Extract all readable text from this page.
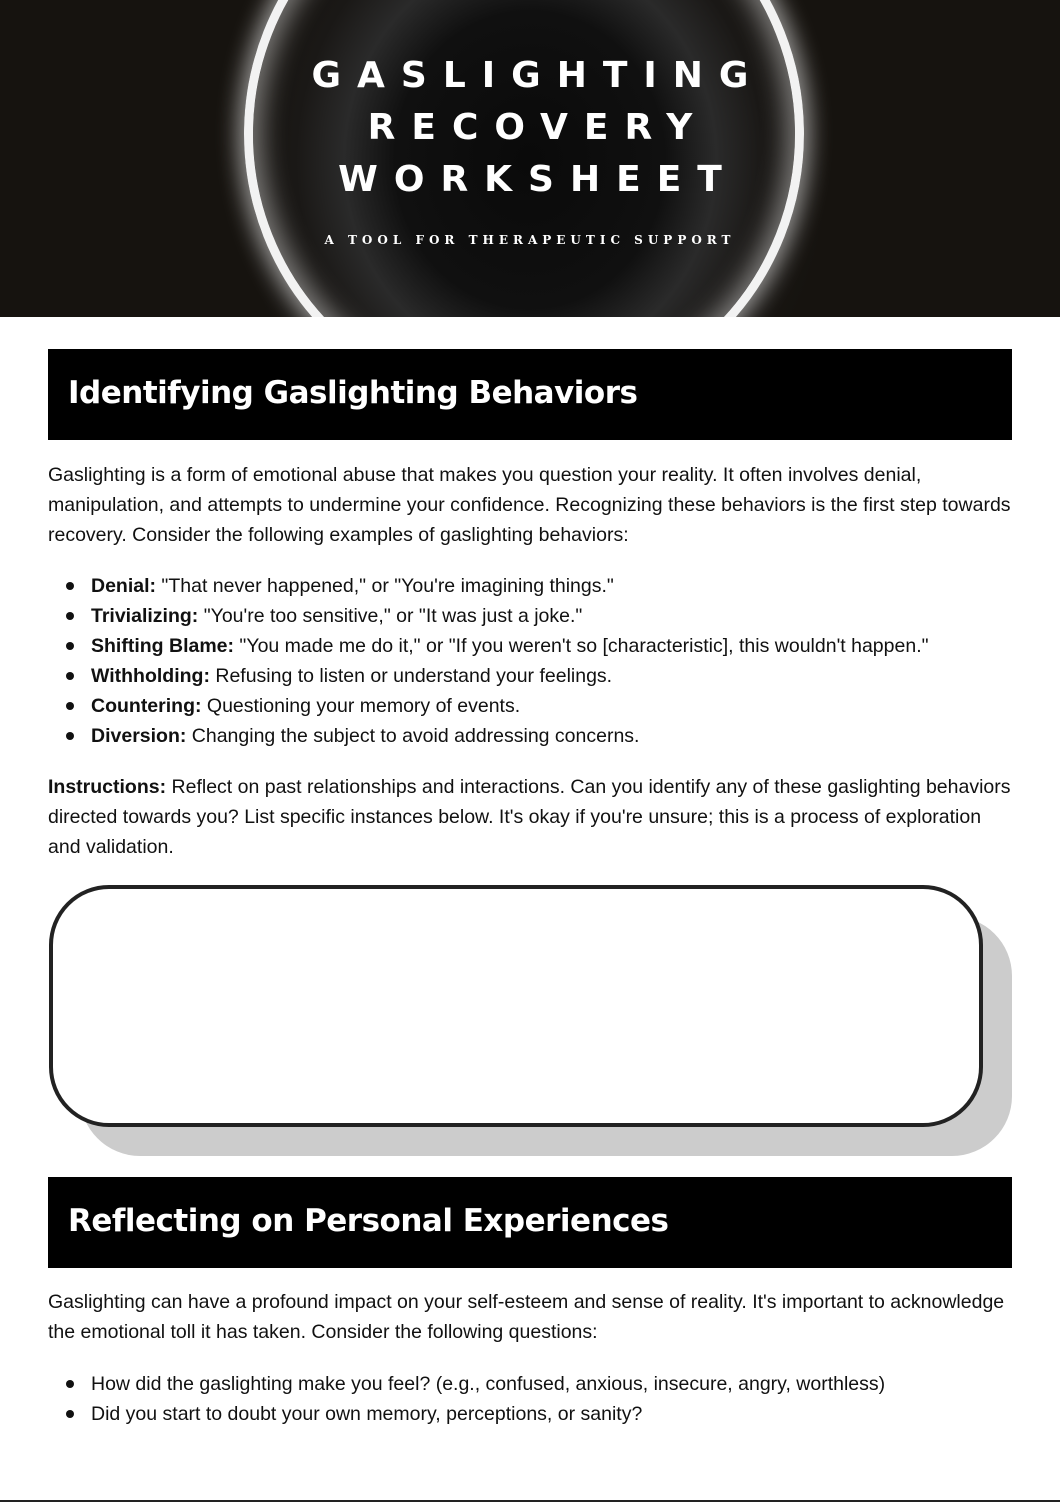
GASLIGHTING
RECOVERY
WORKSHEET

A TOOL FOR THERAPEUTIC SUPPORT

Identifying Gaslighting Behaviors

Gaslighting is a form of emotional abuse that makes you question your reality. It often involves denial, manipulation, and attempts to undermine your confidence. Recognizing these behaviors is the first step towards recovery. Consider the following examples of gaslighting behaviors:

Denial: "That never happened," or "You're imagining things."
Trivializing: "You're too sensitive," or "It was just a joke."
Shifting Blame: "You made me do it," or "If you weren't so [characteristic], this wouldn't happen."
Withholding: Refusing to listen or understand your feelings.
Countering: Questioning your memory of events.
Diversion: Changing the subject to avoid addressing concerns.

Instructions: Reflect on past relationships and interactions. Can you identify any of these gaslighting behaviors directed towards you? List specific instances below. It's okay if you're unsure; this is a process of exploration and validation.

Reflecting on Personal Experiences

Gaslighting can have a profound impact on your self-esteem and sense of reality. It's important to acknowledge the emotional toll it has taken. Consider the following questions:

How did the gaslighting make you feel? (e.g., confused, anxious, insecure, angry, worthless)
Did you start to doubt your own memory, perceptions, or sanity?
